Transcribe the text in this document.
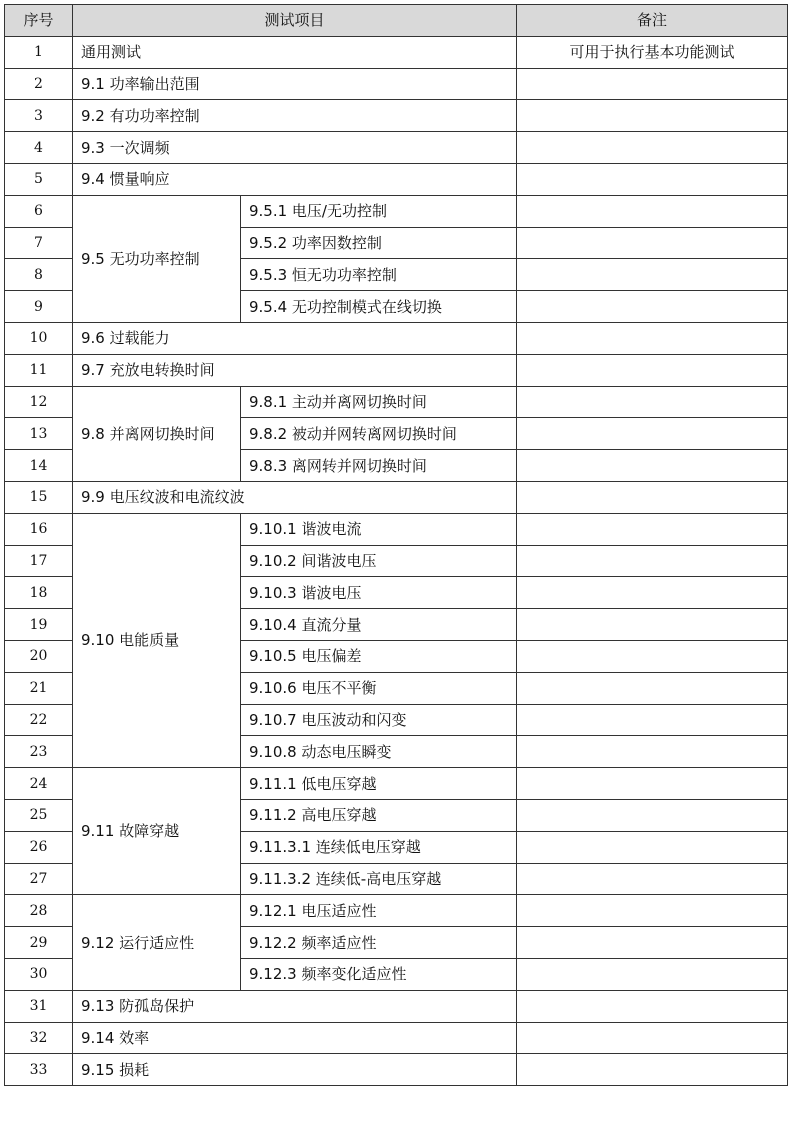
序号	测试项目		备注
1	通用测试		可用于执行基本功能测试
2	9.1 功率输出范围		
3	9.2 有功功率控制		
4	9.3 一次调频		
5	9.4 惯量响应		
6	9.5 无功功率控制	9.5.1 电压/无功控制	
7		9.5.2 功率因数控制	
8		9.5.3 恒无功功率控制	
9		9.5.4 无功控制模式在线切换	
10	9.6 过载能力		
11	9.7 充放电转换时间		
12	9.8 并离网切换时间	9.8.1 主动并离网切换时间	
13		9.8.2 被动并网转离网切换时间	
14		9.8.3 离网转并网切换时间	
15	9.9 电压纹波和电流纹波		
16	9.10 电能质量	9.10.1 谐波电流	
17		9.10.2 间谐波电压	
18		9.10.3 谐波电压	
19		9.10.4 直流分量	
20		9.10.5 电压偏差	
21		9.10.6 电压不平衡	
22		9.10.7 电压波动和闪变	
23		9.10.8 动态电压瞬变	
24	9.11 故障穿越	9.11.1 低电压穿越	
25		9.11.2 高电压穿越	
26		9.11.3.1 连续低电压穿越	
27		9.11.3.2 连续低-高电压穿越	
28	9.12 运行适应性	9.12.1 电压适应性	
29		9.12.2 频率适应性	
30		9.12.3 频率变化适应性	
31	9.13 防孤岛保护		
32	9.14 效率		
33	9.15 损耗		
